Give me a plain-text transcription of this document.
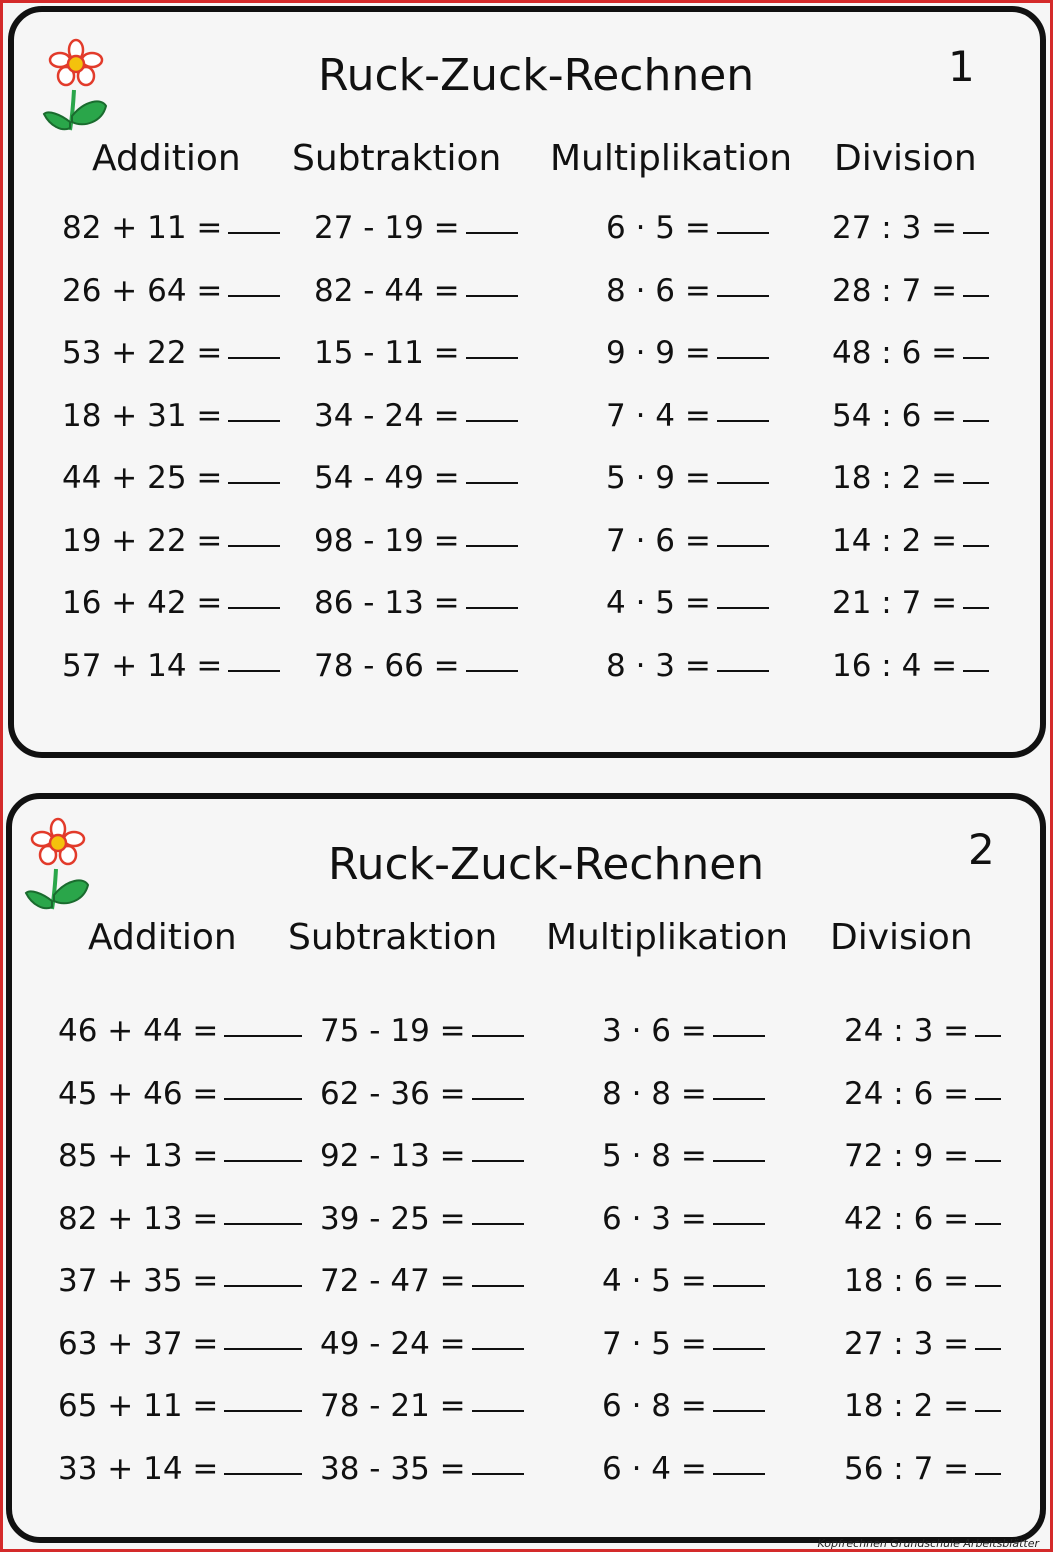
Ruck-Zuck-Rechnen	1
Addition Subtraktion Multiplikation Division
82 + 11 =
26 + 64 =
53 + 22 =
18 + 31 =
44 + 25 =
19 + 22 =
16 + 42 =
57 + 14 =
27 - 19 =
82 - 44 =
15 - 11 =
34 - 24 =
54 - 49 =
98 - 19 =
86 - 13 =
78 - 66 =
6 · 5 =
8 · 6 =
9 · 9 =
7 · 4 =
5 · 9 =
7 · 6 =
4 · 5 =
8 · 3 =
27 : 3 =
28 : 7 =
48 : 6 =
54 : 6 =
18 : 2 =
14 : 2 =
21 : 7 =
16 : 4 =
Ruck-Zuck-Rechnen	2
Addition Subtraktion Multiplikation Division
46 + 44 =
45 + 46 =
85 + 13 =
82 + 13 =
37 + 35 =
63 + 37 =
65 + 11 =
33 + 14 =
75 - 19 =
62 - 36 =
92 - 13 =
39 - 25 =
72 - 47 =
49 - 24 =
78 - 21 =
38 - 35 =
3 · 6 =
8 · 8 =
5 · 8 =
6 · 3 =
4 · 5 =
7 · 5 =
6 · 8 =
6 · 4 =
24 : 3 =
24 : 6 =
72 : 9 =
42 : 6 =
18 : 6 =
27 : 3 =
18 : 2 =
56 : 7 =
Kopfrechnen Grundschule Arbeitsblätter
